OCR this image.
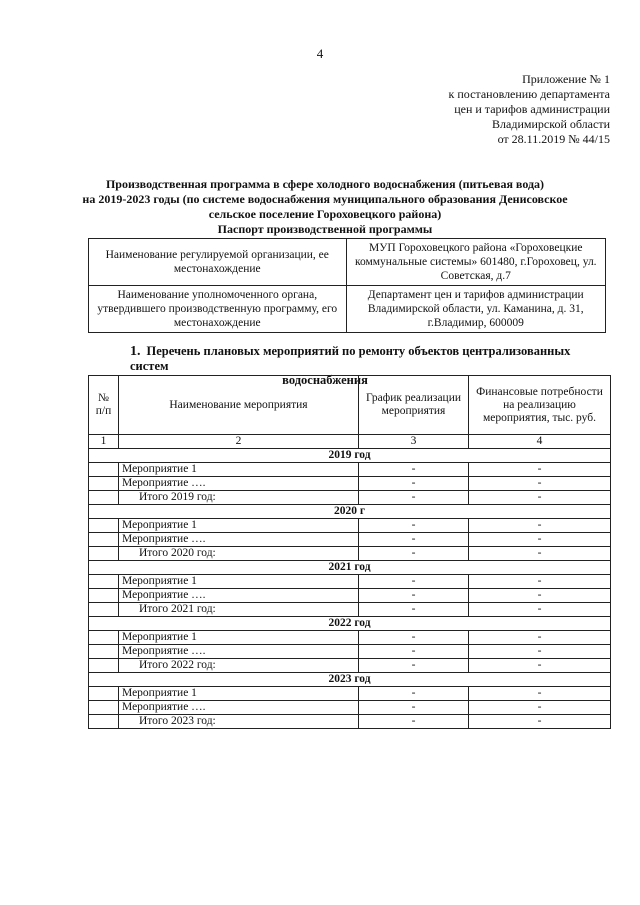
4
Приложение № 1
к постановлению департамента
цен и тарифов администрации
Владимирской области
от 28.11.2019 № 44/15
Производственная программа в сфере холодного водоснабжения (питьевая вода)
на 2019-2023 годы (по системе водоснабжения муниципального образования Денисовское
сельское поселение Гороховецкого района)
Паспорт производственной программы
Наименование регулируемой организации, ее местонахождение	МУП Гороховецкого района «Гороховецкие коммунальные системы» 601480, г.Гороховец, ул. Советская, д.7
Наименование уполномоченного органа, утвердившего производственную программу, его местонахождение	Департамент цен и тарифов администрации Владимирской области, ул. Каманина, д. 31, г.Владимир, 600009
1. Перечень плановых мероприятий по ремонту объектов централизованных систем
водоснабжения
№ п/п	Наименование мероприятия	График реализации мероприятия	Финансовые потребности на реализацию мероприятия, тыс. руб.
1	2	3	4
2019 год			
	Мероприятие 1	-	-
	Мероприятие ….	-	-
	Итого 2019 год:	-	-
2020 г			
	Мероприятие 1	-	-
	Мероприятие ….	-	-
	Итого 2020 год:	-	-
2021 год			
	Мероприятие 1	-	-
	Мероприятие ….	-	-
	Итого 2021 год:	-	-
2022 год			
	Мероприятие 1	-	-
	Мероприятие ….	-	-
	Итого 2022 год:	-	-
2023 год			
	Мероприятие 1	-	-
	Мероприятие ….	-	-
	Итого 2023 год:	-	-
